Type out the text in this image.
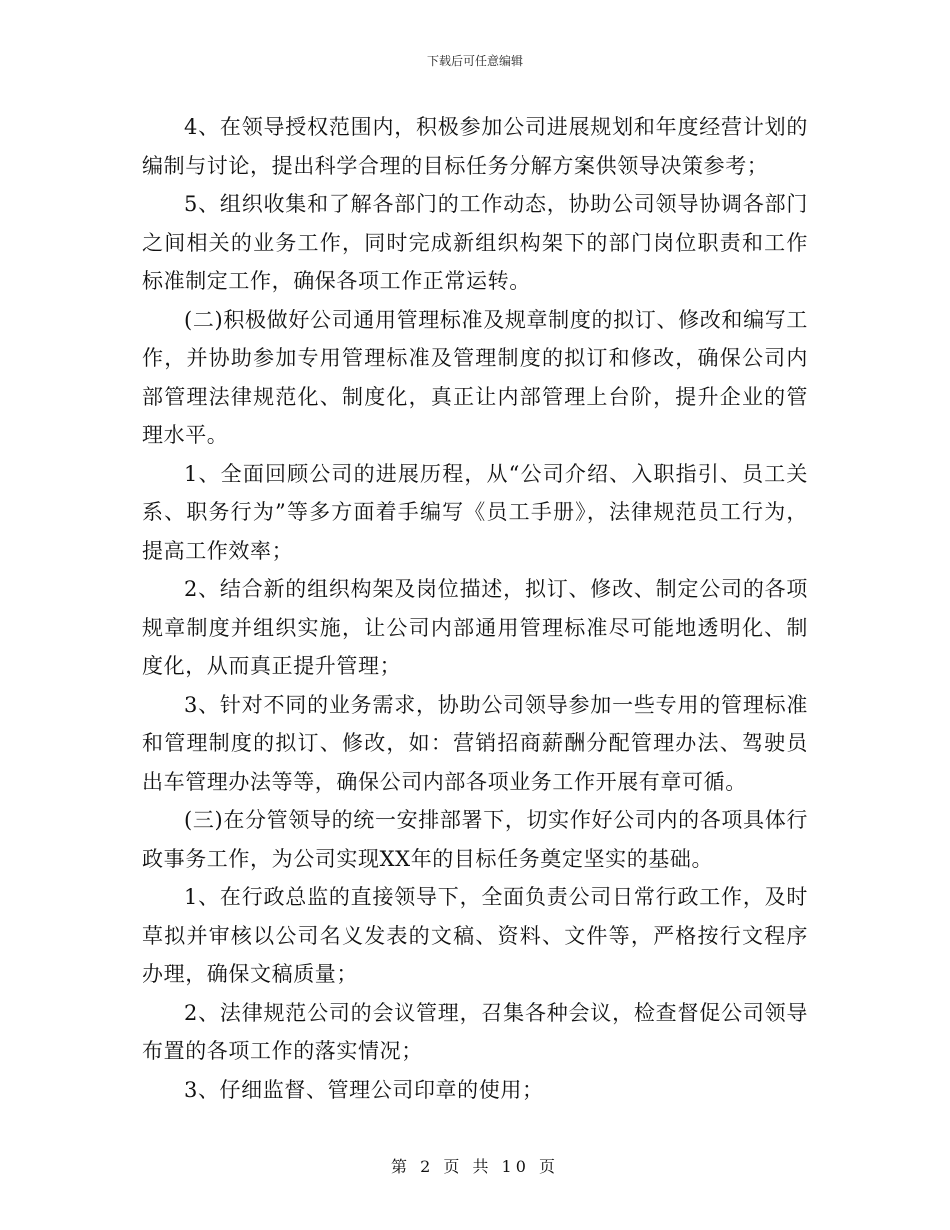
下载后可任意编辑

4、在领导授权范围内，积极参加公司进展规划和年度经营计划的编制与讨论，提出科学合理的目标任务分解方案供领导决策参考；

5、组织收集和了解各部门的工作动态，协助公司领导协调各部门之间相关的业务工作，同时完成新组织构架下的部门岗位职责和工作标准制定工作，确保各项工作正常运转。

(二)积极做好公司通用管理标准及规章制度的拟订、修改和编写工作，并协助参加专用管理标准及管理制度的拟订和修改，确保公司内部管理法律规范化、制度化，真正让内部管理上台阶，提升企业的管理水平。

1、全面回顾公司的进展历程，从“公司介绍、入职指引、员工关系、职务行为”等多方面着手编写《员工手册》，法律规范员工行为，提高工作效率；

2、结合新的组织构架及岗位描述，拟订、修改、制定公司的各项规章制度并组织实施，让公司内部通用管理标准尽可能地透明化、制度化，从而真正提升管理；

3、针对不同的业务需求，协助公司领导参加一些专用的管理标准和管理制度的拟订、修改，如：营销招商薪酬分配管理办法、驾驶员出车管理办法等等，确保公司内部各项业务工作开展有章可循。

(三)在分管领导的统一安排部署下，切实作好公司内的各项具体行政事务工作，为公司实现XX年的目标任务奠定坚实的基础。

1、在行政总监的直接领导下，全面负责公司日常行政工作，及时草拟并审核以公司名义发表的文稿、资料、文件等，严格按行文程序办理，确保文稿质量；

2、法律规范公司的会议管理，召集各种会议，检查督促公司领导布置的各项工作的落实情况；

3、仔细监督、管理公司印章的使用；

第 2 页 共 10 页
